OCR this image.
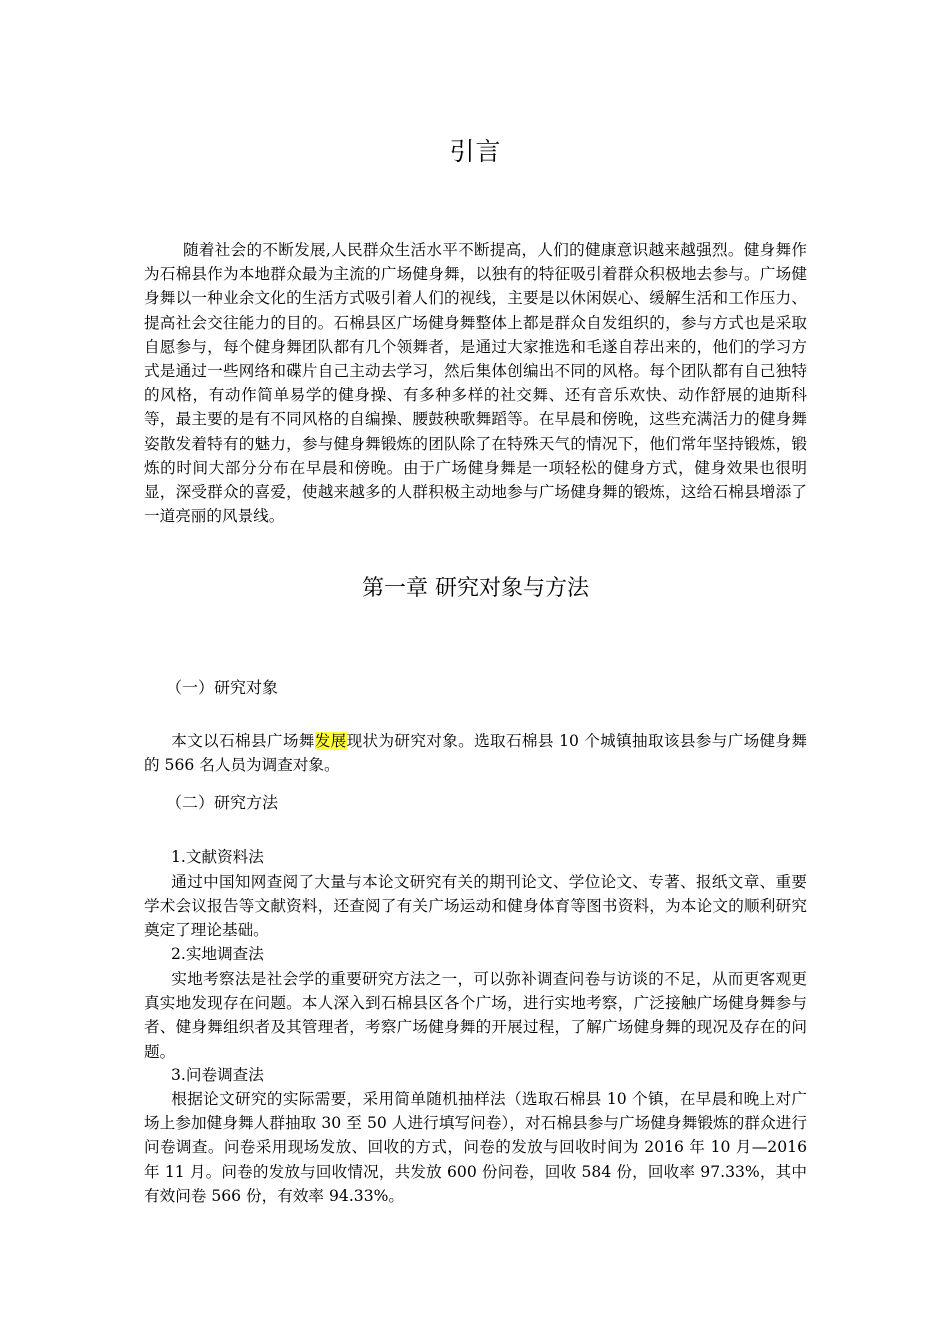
引言

随着社会的不断发展,人民群众生活水平不断提高，人们的健康意识越来越强烈。健身舞作为石棉县作为本地群众最为主流的广场健身舞，以独有的特征吸引着群众积极地去参与。广场健身舞以一种业余文化的生活方式吸引着人们的视线，主要是以休闲娱心、缓解生活和工作压力、提高社会交往能力的目的。石棉县区广场健身舞整体上都是群众自发组织的，参与方式也是采取自愿参与，每个健身舞团队都有几个领舞者，是通过大家推选和毛遂自荐出来的，他们的学习方式是通过一些网络和碟片自己主动去学习，然后集体创编出不同的风格。每个团队都有自己独特的风格，有动作简单易学的健身操、有多种多样的社交舞、还有音乐欢快、动作舒展的迪斯科等，最主要的是有不同风格的自编操、腰鼓秧歌舞蹈等。在早晨和傍晚，这些充满活力的健身舞姿散发着特有的魅力，参与健身舞锻炼的团队除了在特殊天气的情况下，他们常年坚持锻炼，锻炼的时间大部分分布在早晨和傍晚。由于广场健身舞是一项轻松的健身方式，健身效果也很明显，深受群众的喜爱，使越来越多的人群积极主动地参与广场健身舞的锻炼，这给石棉县增添了一道亮丽的风景线。

第一章 研究对象与方法
（一）研究对象

本文以石棉县广场舞发展现状为研究对象。选取石棉县 10 个城镇抽取该县参与广场健身舞的 566 名人员为调查对象。

（二）研究方法

1.文献资料法

通过中国知网查阅了大量与本论文研究有关的期刊论文、学位论文、专著、报纸文章、重要学术会议报告等文献资料，还查阅了有关广场运动和健身体育等图书资料，为本论文的顺利研究奠定了理论基础。

2.实地调查法

实地考察法是社会学的重要研究方法之一，可以弥补调查问卷与访谈的不足，从而更客观更真实地发现存在问题。本人深入到石棉县区各个广场，进行实地考察，广泛接触广场健身舞参与者、健身舞组织者及其管理者，考察广场健身舞的开展过程，了解广场健身舞的现况及存在的问题。

3.问卷调查法

根据论文研究的实际需要，采用简单随机抽样法（选取石棉县 10 个镇，在早晨和晚上对广场上参加健身舞人群抽取 30 至 50 人进行填写问卷），对石棉县参与广场健身舞锻炼的群众进行问卷调查。问卷采用现场发放、回收的方式，问卷的发放与回收时间为 2016 年 10 月—2016 年 11 月。问卷的发放与回收情况，共发放 600 份问卷，回收 584 份，回收率 97.33%，其中有效问卷 566 份，有效率 94.33%。
